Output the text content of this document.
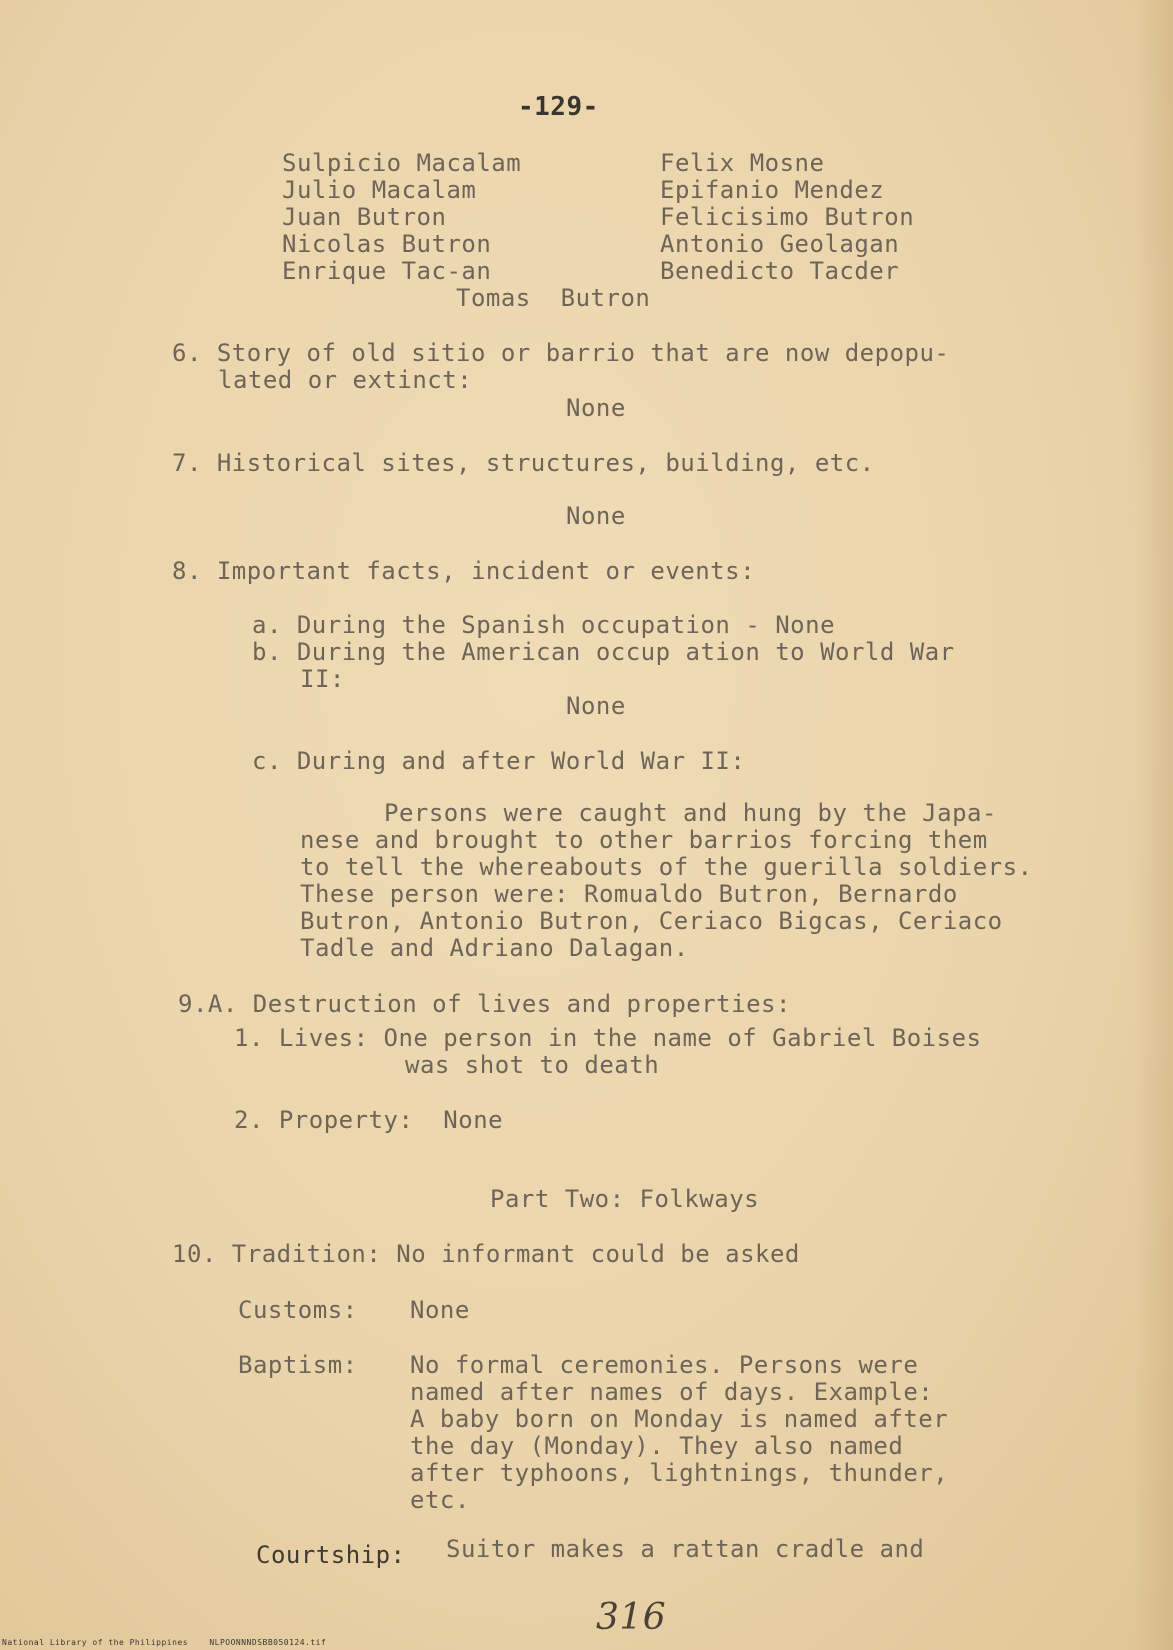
-129-
Sulpicio Macalam
Julio Macalam
Juan Butron
Nicolas Butron
Enrique Tac-an
Felix Mosne
Epifanio Mendez
Felicisimo Butron
Antonio Geolagan
Benedicto Tacder
Tomas  Butron
6. Story of old sitio or barrio that are now depopu-
lated or extinct:
None
7. Historical sites, structures, building, etc.
None
8. Important facts, incident or events:
a. During the Spanish occupation - None
b. During the American occup ation to World War
II:
None
c. During and after World War II:
Persons were caught and hung by the Japa-
nese and brought to other barrios forcing them
to tell the whereabouts of the guerilla soldiers.
These person were: Romualdo Butron, Bernardo
Butron, Antonio Butron, Ceriaco Bigcas, Ceriaco
Tadle and Adriano Dalagan.
9.A. Destruction of lives and properties:
1. Lives: One person in the name of Gabriel Boises
was shot to death
2. Property:  None
Part Two: Folkways
10. Tradition: No informant could be asked
Customs: None
Baptism: No formal ceremonies. Persons were
named after names of days. Example:
A baby born on Monday is named after
the day (Monday). They also named
after typhoons, lightnings, thunder,
etc.
Courtship: Suitor makes a rattan cradle and
316
National Library of the Philippines    NLPOONNNDSBB050124.tif
